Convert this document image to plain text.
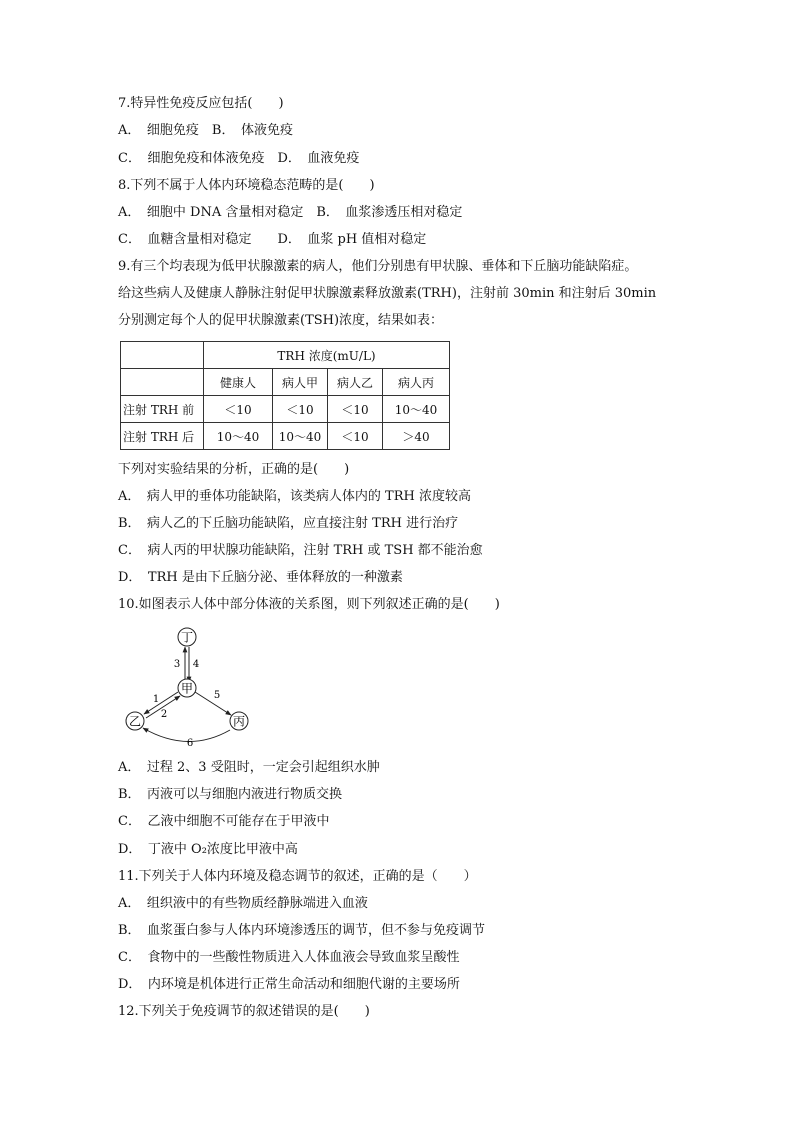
7.特异性免疫反应包括(　　)
A．　细胞免疫　B．　体液免疫
C．　细胞免疫和体液免疫　D．　血液免疫
8.下列不属于人体内环境稳态范畴的是(　　)
A．　细胞中 DNA 含量相对稳定　B．　血浆渗透压相对稳定
C．　血糖含量相对稳定　　D．　血浆 pH 值相对稳定
9.有三个均表现为低甲状腺激素的病人，他们分别患有甲状腺、垂体和下丘脑功能缺陷症。
给这些病人及健康人静脉注射促甲状腺激素释放激素(TRH)，注射前 30min 和注射后 30min
分别测定每个人的促甲状腺激素(TSH)浓度，结果如表：
	TRH 浓度(mU/L)			
	健康人	病人甲	病人乙	病人丙
注射 TRH 前	＜10	＜10	＜10	10～40
注射 TRH 后	10～40	10～40	＜10	＞40
下列对实验结果的分析，正确的是(　　)
A．　病人甲的垂体功能缺陷，该类病人体内的 TRH 浓度较高
B．　病人乙的下丘脑功能缺陷，应直接注射 TRH 进行治疗
C．　病人丙的甲状腺功能缺陷，注射 TRH 或 TSH 都不能治愈
D．　TRH 是由下丘脑分泌、垂体释放的一种激素
10.如图表示人体中部分体液的关系图，则下列叙述正确的是(　　)
丁
甲
乙	丙
3 4
1
2
5
6
A．　过程 2、3 受阻时，一定会引起组织水肿
B．　丙液可以与细胞内液进行物质交换
C．　乙液中细胞不可能存在于甲液中
D．　丁液中 O₂浓度比甲液中高
11.下列关于人体内环境及稳态调节的叙述，正确的是（　　）
A．　组织液中的有些物质经静脉端进入血液
B．　血浆蛋白参与人体内环境渗透压的调节，但不参与免疫调节
C．　食物中的一些酸性物质进入人体血液会导致血浆呈酸性
D．　内环境是机体进行正常生命活动和细胞代谢的主要场所
12.下列关于免疫调节的叙述错误的是(　　)
